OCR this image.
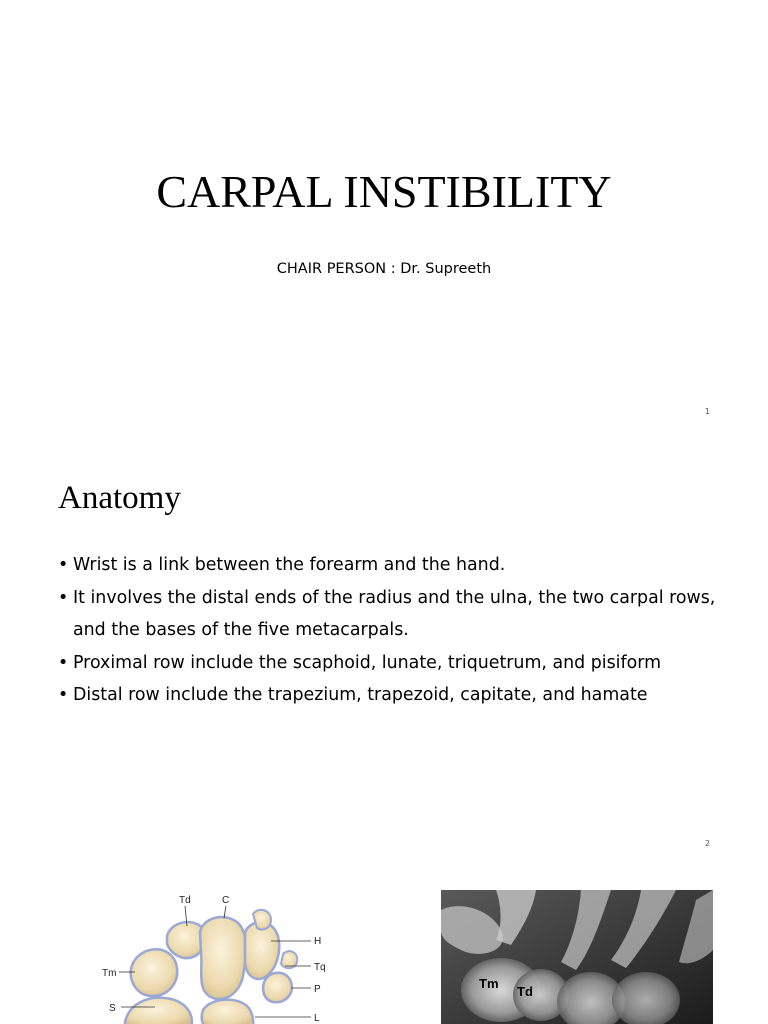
CARPAL INSTIBILITY
CHAIR PERSON : Dr. Supreeth
1
Anatomy
• Wrist is a link between the forearm and the hand.
• It involves the distal ends of the radius and the ulna, the two carpal rows, and the bases of the five metacarpals.
• Proximal row include the scaphoid, lunate, triquetrum, and pisiform
• Distal row include the trapezium, trapezoid, capitate, and hamate
2
Td	C
H
Tq
Tm
P
S
L
Tm
Td
